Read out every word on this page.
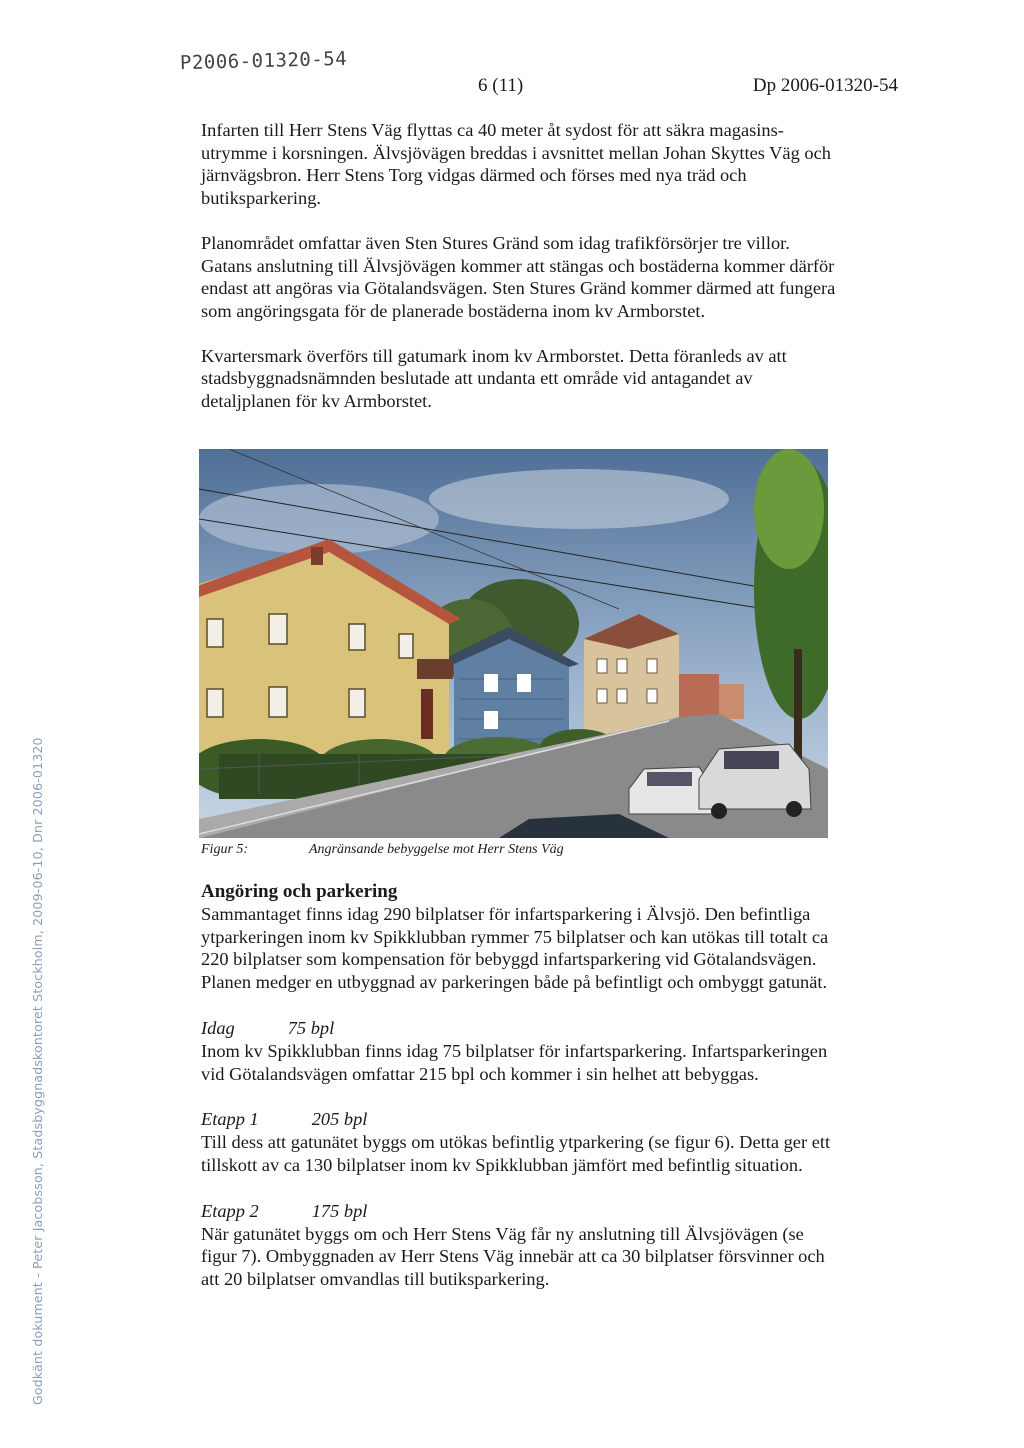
P2006-01320-54
6 (11)	Dp 2006-01320-54

Infarten till Herr Stens Väg flyttas ca 40 meter åt sydost för att säkra magasinsutrymme i korsningen. Älvsjövägen breddas i avsnittet mellan Johan Skyttes Väg och järnvägsbron. Herr Stens Torg vidgas därmed och förses med nya träd och butiksparkering.

Planområdet omfattar även Sten Stures Gränd som idag trafikförsörjer tre villor. Gatans anslutning till Älvsjövägen kommer att stängas och bostäderna kommer därför endast att angöras via Götalandsvägen. Sten Stures Gränd kommer därmed att fungera som angöringsgata för de planerade bostäderna inom kv Armborstet.

Kvartersmark överförs till gatumark inom kv Armborstet. Detta föranleds av att stadsbyggnadsnämnden beslutade att undanta ett område vid antagandet av detaljplanen för kv Armborstet.

Figur 5:	Angränsande bebyggelse mot Herr Stens Väg

Angöring och parkering

Sammantaget finns idag 290 bilplatser för infartsparkering i Älvsjö. Den befintliga ytparkeringen inom kv Spikklubban rymmer 75 bilplatser och kan utökas till totalt ca 220 bilplatser som kompensation för bebyggd infartsparkering vid Götalandsvägen. Planen medger en utbyggnad av parkeringen både på befintligt och ombyggt gatunät.

Idag	75 bpl

Inom kv Spikklubban finns idag 75 bilplatser för infartsparkering. Infartsparkeringen vid Götalandsvägen omfattar 215 bpl och kommer i sin helhet att bebyggas.

Etapp 1	205 bpl

Till dess att gatunätet byggs om utökas befintlig ytparkering (se figur 6). Detta ger ett tillskott av ca 130 bilplatser inom kv Spikklubban jämfört med befintlig situation.

Etapp 2	175 bpl

När gatunätet byggs om och Herr Stens Väg får ny anslutning till Älvsjövägen (se figur 7). Ombyggnaden av Herr Stens Väg innebär att ca 30 bilplatser försvinner och att 20 bilplatser omvandlas till butiksparkering.

Godkänt dokument - Peter Jacobsson, Stadsbyggnadskontoret Stockholm, 2009-06-10, Dnr 2006-01320
